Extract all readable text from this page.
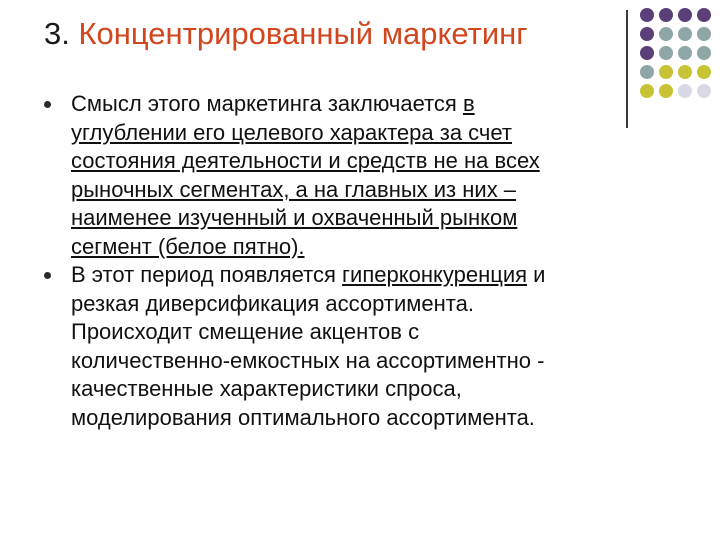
3. Концентрированный маркетинг
Смысл этого маркетинга заключается в
углублении его целевого характера за счет
состояния деятельности и средств не на всех
рыночных сегментах, а на главных из них –
наименее изученный и охваченный рынком
сегмент (белое пятно).
В этот период появляется гиперконкуренция и
резкая диверсификация ассортимента.
Происходит смещение акцентов с
количественно-емкостных на ассортиментно -
качественные характеристики спроса,
моделирования оптимального ассортимента.
